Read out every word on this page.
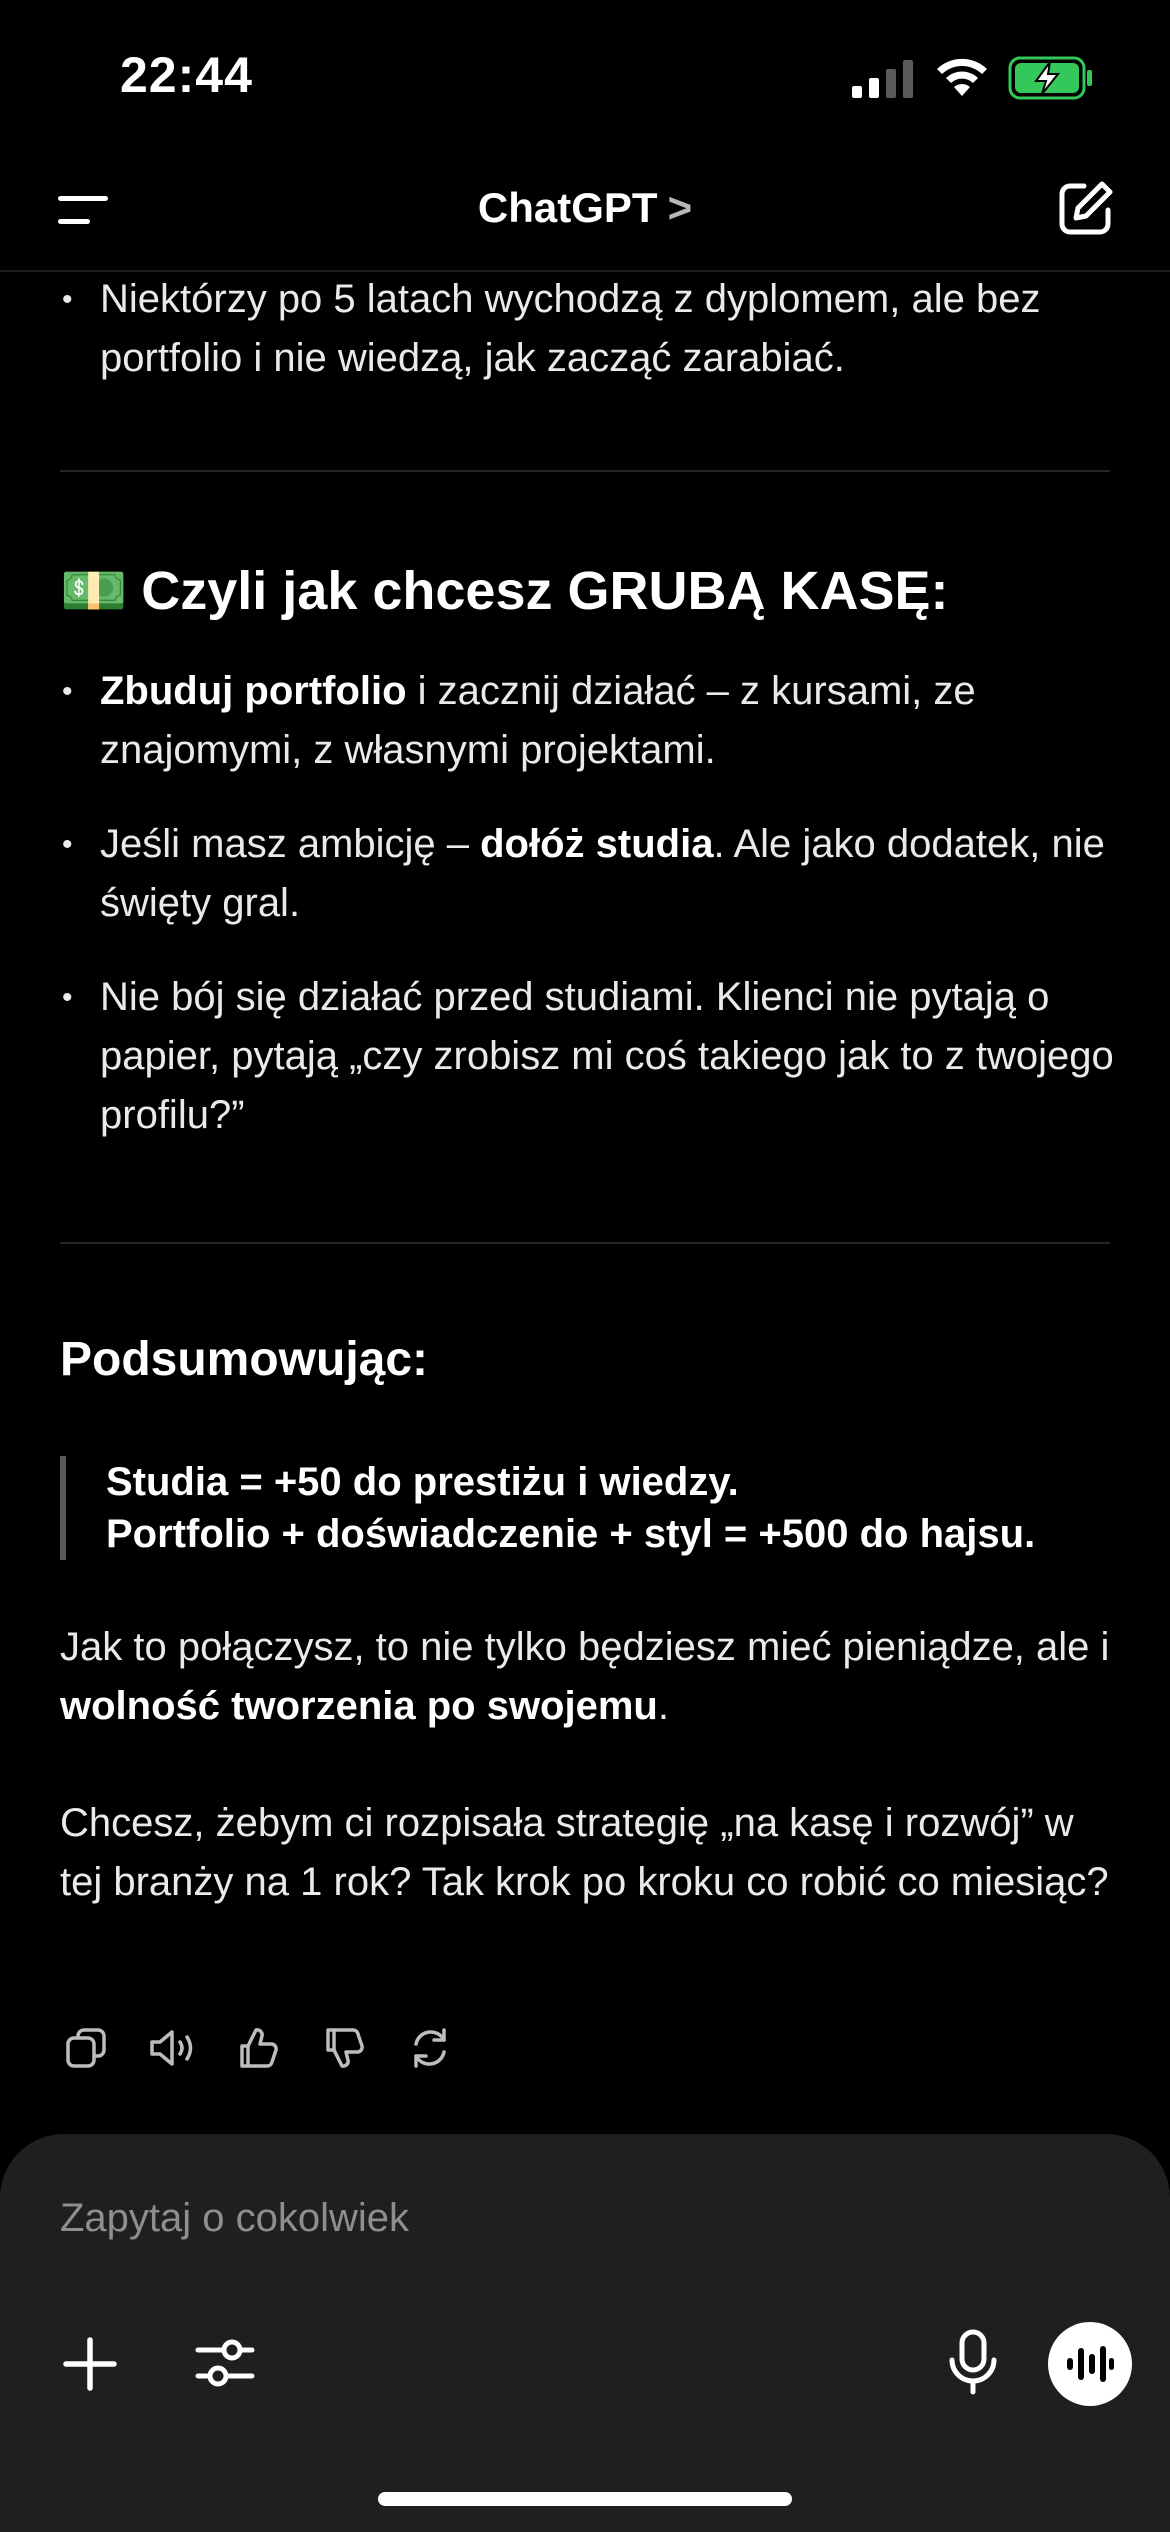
22:44
ChatGPT >
• Niektórzy po 5 latach wychodzą z dyplomem, ale bez portfolio i nie wiedzą, jak zacząć zarabiać.
💵 Czyli jak chcesz GRUBĄ KASĘ:
• Zbuduj portfolio i zacznij działać – z kursami, ze znajomymi, z własnymi projektami.
• Jeśli masz ambicję – dołóż studia. Ale jako dodatek, nie święty gral.
• Nie bój się działać przed studiami. Klienci nie pytają o papier, pytają „czy zrobisz mi coś takiego jak to z twojego profilu?”
Podsumowując:
Studia = +50 do prestiżu i wiedzy.
Portfolio + doświadczenie + styl = +500 do hajsu.
Jak to połączysz, to nie tylko będziesz mieć pieniądze, ale i wolność tworzenia po swojemu.
Chcesz, żebym ci rozpisała strategię „na kasę i rozwój” w tej branży na 1 rok? Tak krok po kroku co robić co miesiąc?
Zapytaj o cokolwiek
